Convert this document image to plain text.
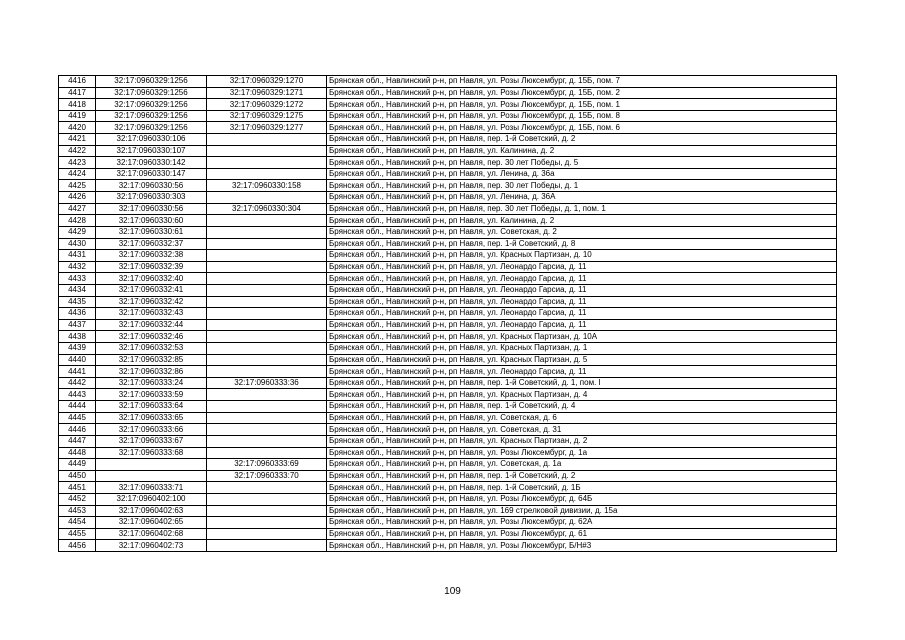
4416	32:17:0960329:1256	32:17:0960329:1270	Брянская обл., Навлинский р-н, рп Навля, ул. Розы Люксембург, д. 15Б, пом. 7
4417	32:17:0960329:1256	32:17:0960329:1271	Брянская обл., Навлинский р-н, рп Навля, ул. Розы Люксембург, д. 15Б, пом. 2
4418	32:17:0960329:1256	32:17:0960329:1272	Брянская обл., Навлинский р-н, рп Навля, ул. Розы Люксембург, д. 15Б, пом. 1
4419	32:17:0960329:1256	32:17:0960329:1275	Брянская обл., Навлинский р-н, рп Навля, ул. Розы Люксембург, д. 15Б, пом. 8
4420	32:17:0960329:1256	32:17:0960329:1277	Брянская обл., Навлинский р-н, рп Навля, ул. Розы Люксембург, д. 15Б, пом. 6
4421	32:17:0960330:106		Брянская обл., Навлинский р-н, рп Навля, пер. 1-й Советский, д. 2
4422	32:17:0960330:107		Брянская обл., Навлинский р-н, рп Навля, ул. Калинина, д. 2
4423	32:17:0960330:142		Брянская обл., Навлинский р-н, рп Навля, пер. 30 лет Победы, д. 5
4424	32:17:0960330:147		Брянская обл., Навлинский р-н, рп Навля, ул. Ленина, д. 36а
4425	32:17:0960330:56	32:17:0960330:158	Брянская обл., Навлинский р-н, рп Навля, пер. 30 лет Победы, д. 1
4426	32:17:0960330:303		Брянская обл., Навлинский р-н, рп Навля, ул. Ленина, д. 36А
4427	32:17:0960330:56	32:17:0960330:304	Брянская обл., Навлинский р-н, рп Навля, пер. 30 лет Победы, д. 1, пом. 1
4428	32:17:0960330:60		Брянская обл., Навлинский р-н, рп Навля, ул. Калинина, д. 2
4429	32:17:0960330:61		Брянская обл., Навлинский р-н, рп Навля, ул. Советская, д. 2
4430	32:17:0960332:37		Брянская обл., Навлинский р-н, рп Навля, пер. 1-й Советский, д. 8
4431	32:17:0960332:38		Брянская обл., Навлинский р-н, рп Навля, ул. Красных Партизан, д. 10
4432	32:17:0960332:39		Брянская обл., Навлинский р-н, рп Навля, ул. Леонардо Гарсиа, д. 11
4433	32:17:0960332:40		Брянская обл., Навлинский р-н, рп Навля, ул. Леонардо Гарсиа, д. 11
4434	32:17:0960332:41		Брянская обл., Навлинский р-н, рп Навля, ул. Леонардо Гарсиа, д. 11
4435	32:17:0960332:42		Брянская обл., Навлинский р-н, рп Навля, ул. Леонардо Гарсиа, д. 11
4436	32:17:0960332:43		Брянская обл., Навлинский р-н, рп Навля, ул. Леонардо Гарсиа, д. 11
4437	32:17:0960332:44		Брянская обл., Навлинский р-н, рп Навля, ул. Леонардо Гарсиа, д. 11
4438	32:17:0960332:46		Брянская обл., Навлинский р-н, рп Навля, ул. Красных Партизан, д. 10А
4439	32:17:0960332:53		Брянская обл., Навлинский р-н, рп Навля, ул. Красных Партизан, д. 1
4440	32:17:0960332:85		Брянская обл., Навлинский р-н, рп Навля, ул. Красных Партизан, д. 5
4441	32:17:0960332:86		Брянская обл., Навлинский р-н, рп Навля, ул. Леонардо Гарсиа, д. 11
4442	32:17:0960333:24	32:17:0960333:36	Брянская обл., Навлинский р-н, рп Навля, пер. 1-й Советский, д. 1, пом. I
4443	32:17:0960333:59		Брянская обл., Навлинский р-н, рп Навля, ул. Красных Партизан, д. 4
4444	32:17:0960333:64		Брянская обл., Навлинский р-н, рп Навля, пер. 1-й Советский, д. 4
4445	32:17:0960333:65		Брянская обл., Навлинский р-н, рп Навля, ул. Советская, д. 6
4446	32:17:0960333:66		Брянская обл., Навлинский р-н, рп Навля, ул. Советская, д. 31
4447	32:17:0960333:67		Брянская обл., Навлинский р-н, рп Навля, ул. Красных Партизан, д. 2
4448	32:17:0960333:68		Брянская обл., Навлинский р-н, рп Навля, ул. Розы Люксембург, д. 1а
4449		32:17:0960333:69	Брянская обл., Навлинский р-н, рп Навля, ул. Советская, д. 1а
4450		32:17:0960333:70	Брянская обл., Навлинский р-н, рп Навля, пер. 1-й Советский, д. 2
4451	32:17:0960333:71		Брянская обл., Навлинский р-н, рп Навля, пер. 1-й Советский, д. 1Б
4452	32:17:0960402:100		Брянская обл., Навлинский р-н, рп Навля, ул. Розы Люксембург, д. 64Б
4453	32:17:0960402:63		Брянская обл., Навлинский р-н, рп Навля, ул. 169 стрелковой дивизии, д. 15а
4454	32:17:0960402:65		Брянская обл., Навлинский р-н, рп Навля, ул. Розы Люксембург, д. 62А
4455	32:17:0960402:68		Брянская обл., Навлинский р-н, рп Навля, ул. Розы Люксембург, д. 61
4456	32:17:0960402:73		Брянская обл., Навлинский р-н, рп Навля, ул. Розы Люксембург, Б/Н#3
109
